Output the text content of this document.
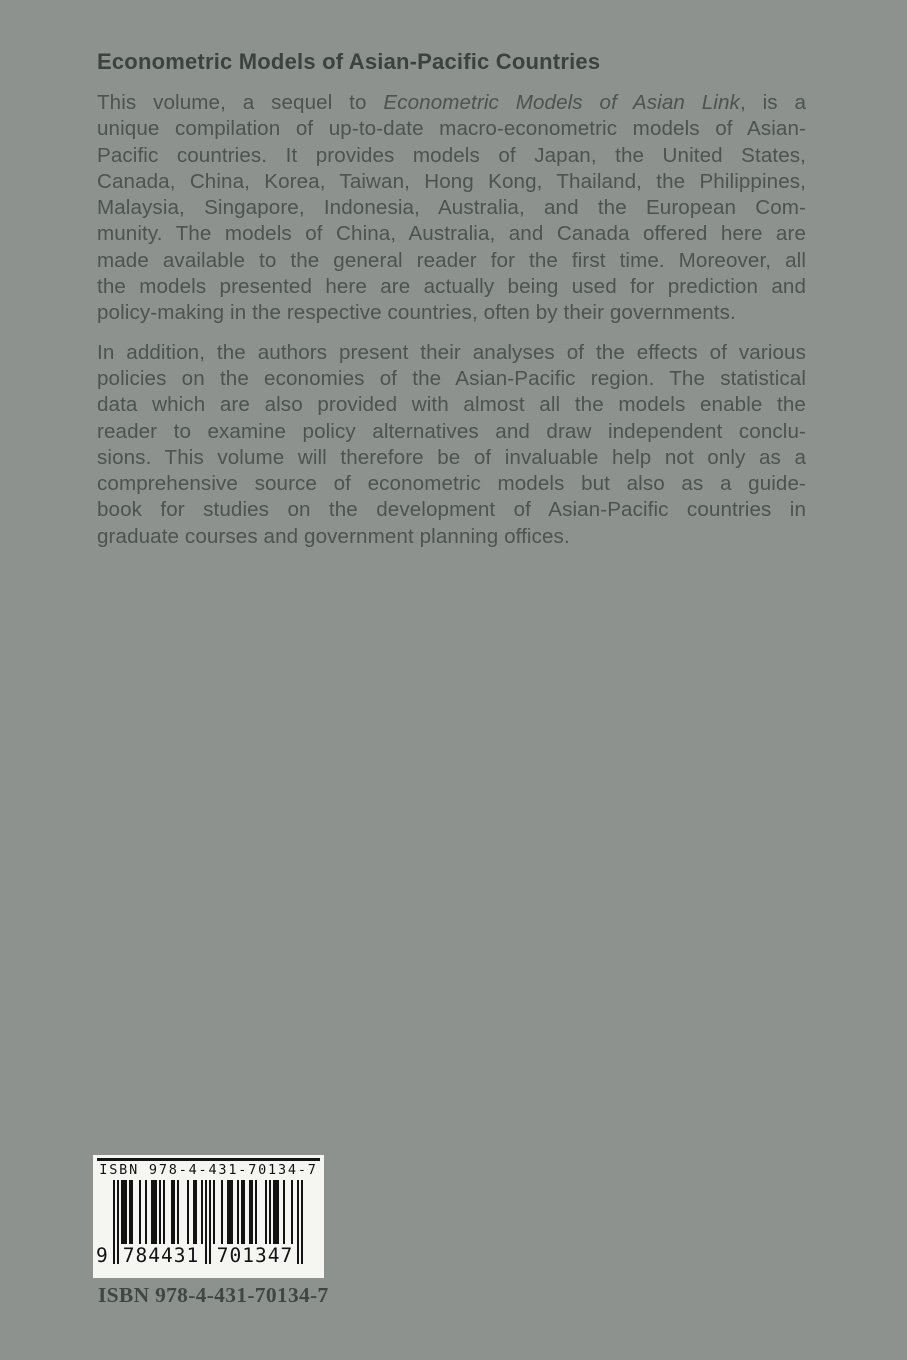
Econometric Models of Asian-Pacific Countries
This volume, a sequel to Econometric Models of Asian Link, is a
unique compilation of up-to-date macro-econometric models of Asian-
Pacific countries. It provides models of Japan, the United States,
Canada, China, Korea, Taiwan, Hong Kong, Thailand, the Philippines,
Malaysia, Singapore, Indonesia, Australia, and the European Com-
munity. The models of China, Australia, and Canada offered here are
made available to the general reader for the first time. Moreover, all
the models presented here are actually being used for prediction and
policy-making in the respective countries, often by their governments.
In addition, the authors present their analyses of the effects of various
policies on the economies of the Asian-Pacific region. The statistical
data which are also provided with almost all the models enable the
reader to examine policy alternatives and draw independent conclu-
sions. This volume will therefore be of invaluable help not only as a
comprehensive source of econometric models but also as a guide-
book for studies on the development of Asian-Pacific countries in
graduate courses and government planning offices.
ISBN 978-4-431-70134-7
9 784431 701347
ISBN 978-4-431-70134-7
